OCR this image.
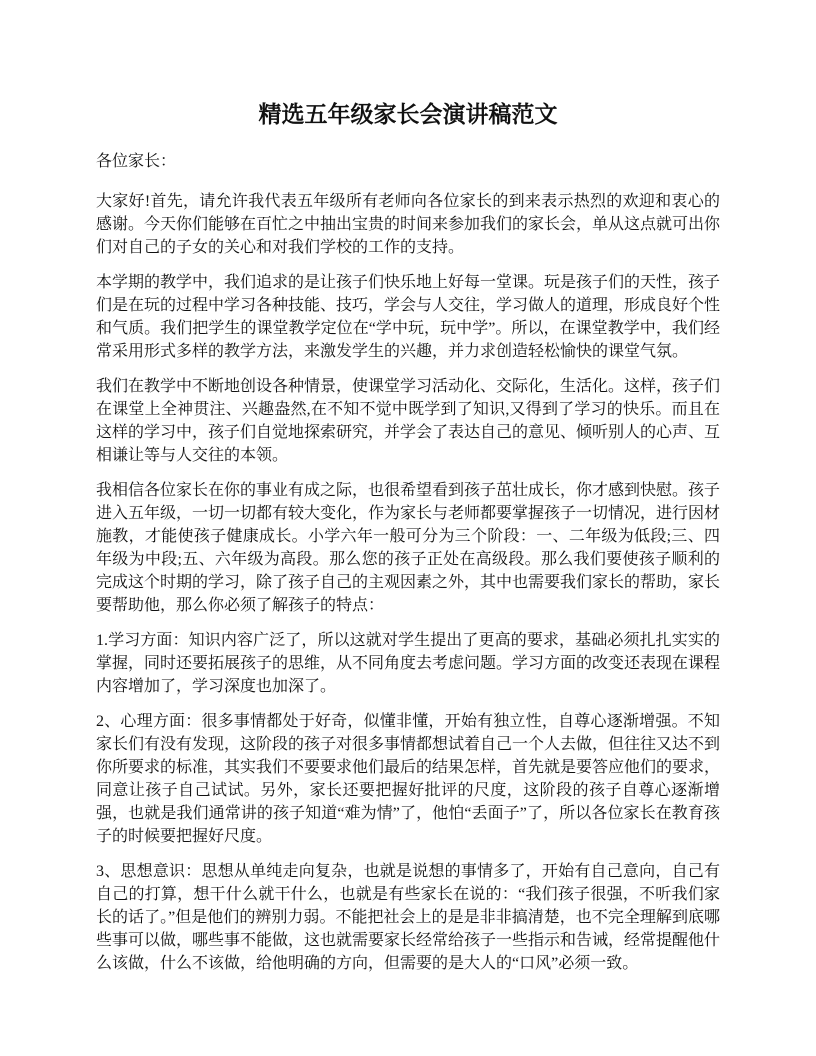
精选五年级家长会演讲稿范文

各位家长：

大家好!首先，请允许我代表五年级所有老师向各位家长的到来表示热烈的欢迎和衷心的感谢。今天你们能够在百忙之中抽出宝贵的时间来参加我们的家长会，单从这点就可出你们对自己的子女的关心和对我们学校的工作的支持。

本学期的教学中，我们追求的是让孩子们快乐地上好每一堂课。玩是孩子们的天性，孩子们是在玩的过程中学习各种技能、技巧，学会与人交往，学习做人的道理，形成良好个性和气质。我们把学生的课堂教学定位在“学中玩，玩中学”。所以，在课堂教学中，我们经常采用形式多样的教学方法，来激发学生的兴趣，并力求创造轻松愉快的课堂气氛。

我们在教学中不断地创设各种情景，使课堂学习活动化、交际化，生活化。这样，孩子们在课堂上全神贯注、兴趣盎然,在不知不觉中既学到了知识,又得到了学习的快乐。而且在这样的学习中，孩子们自觉地探索研究，并学会了表达自己的意见、倾听别人的心声、互相谦让等与人交往的本领。

我相信各位家长在你的事业有成之际，也很希望看到孩子茁壮成长，你才感到快慰。孩子进入五年级，一切一切都有较大变化，作为家长与老师都要掌握孩子一切情况，进行因材施教，才能使孩子健康成长。小学六年一般可分为三个阶段：一、二年级为低段;三、四年级为中段;五、六年级为高段。那么您的孩子正处在高级段。那么我们要使孩子顺利的完成这个时期的学习，除了孩子自己的主观因素之外，其中也需要我们家长的帮助，家长要帮助他，那么你必须了解孩子的特点：

1.学习方面：知识内容广泛了，所以这就对学生提出了更高的要求，基础必须扎扎实实的掌握，同时还要拓展孩子的思维，从不同角度去考虑问题。学习方面的改变还表现在课程内容增加了，学习深度也加深了。

2、心理方面：很多事情都处于好奇，似懂非懂，开始有独立性，自尊心逐渐增强。不知家长们有没有发现，这阶段的孩子对很多事情都想试着自己一个人去做，但往往又达不到你所要求的标准，其实我们不要要求他们最后的结果怎样，首先就是要答应他们的要求，同意让孩子自己试试。另外，家长还要把握好批评的尺度，这阶段的孩子自尊心逐渐增强，也就是我们通常讲的孩子知道“难为情”了，他怕“丢面子”了，所以各位家长在教育孩子的时候要把握好尺度。

3、思想意识：思想从单纯走向复杂，也就是说想的事情多了，开始有自己意向，自己有自己的打算，想干什么就干什么，也就是有些家长在说的：“我们孩子很强，不听我们家长的话了。”但是他们的辨别力弱。不能把社会上的是是非非搞清楚，也不完全理解到底哪些事可以做，哪些事不能做，这也就需要家长经常给孩子一些指示和告诫，经常提醒他什么该做，什么不该做，给他明确的方向，但需要的是大人的“口风”必须一致。
